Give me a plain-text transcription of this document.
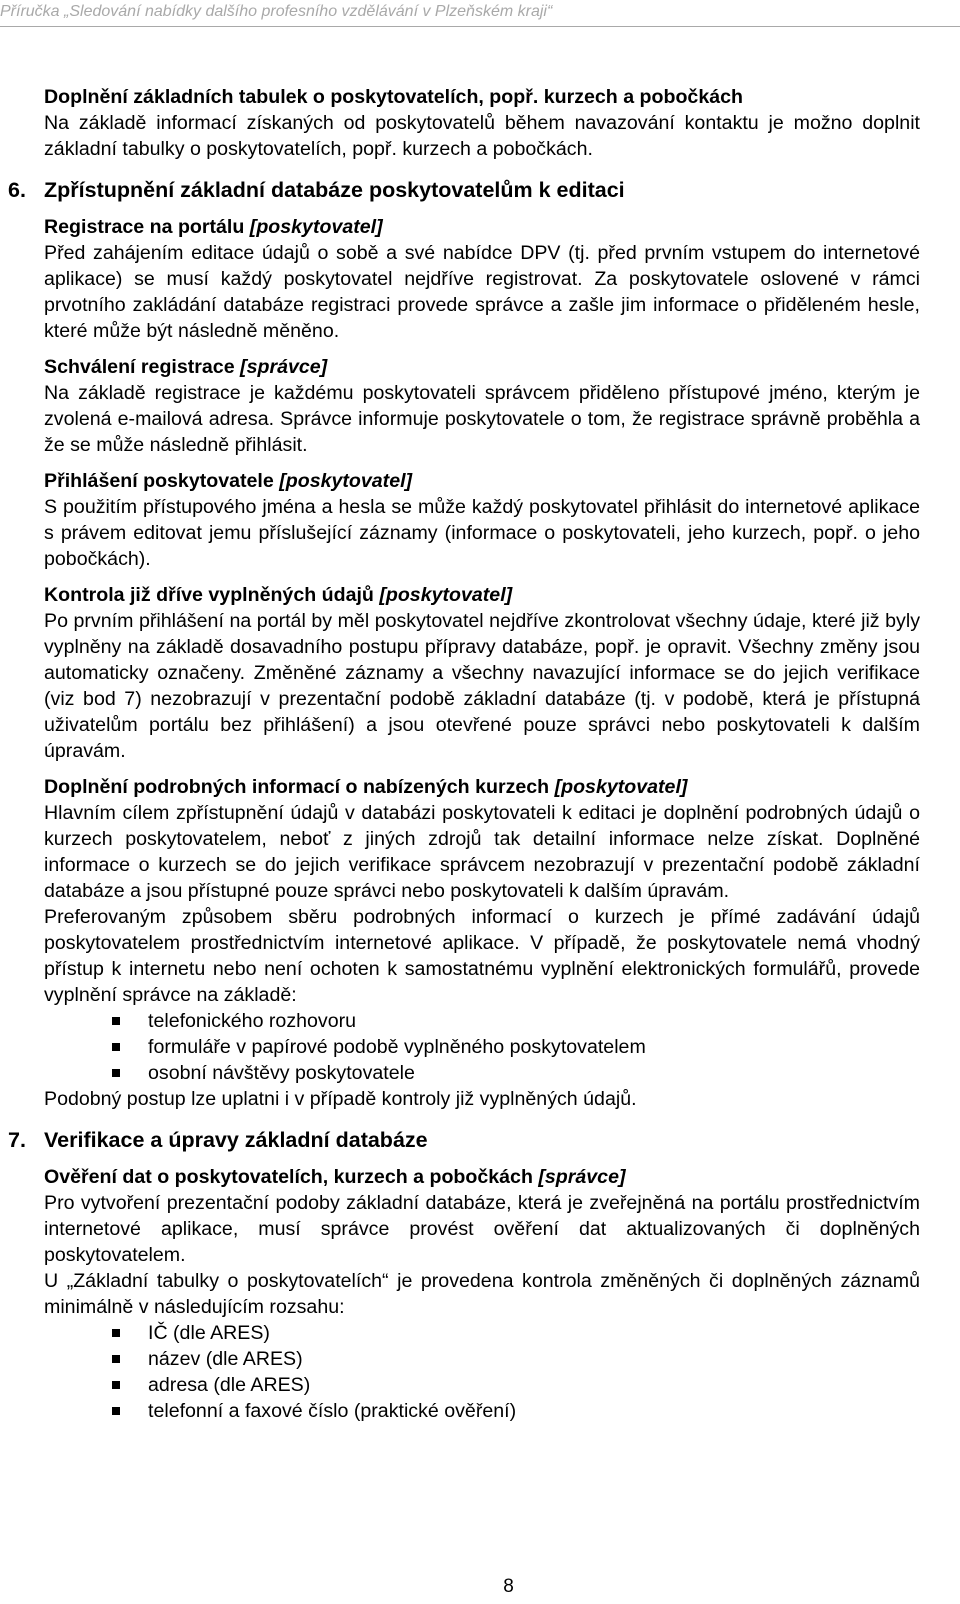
Příručka „Sledování nabídky dalšího profesního vzdělávání v Plzeňském kraji“
Doplnění základních tabulek o poskytovatelích, popř. kurzech a pobočkách
Na základě informací získaných od poskytovatelů během navazování kontaktu je možno doplnit základní tabulky o poskytovatelích, popř. kurzech a pobočkách.
6. Zpřístupnění základní databáze poskytovatelům k editaci
Registrace na portálu [poskytovatel]
Před zahájením editace údajů o sobě a své nabídce DPV (tj. před prvním vstupem do internetové aplikace) se musí každý poskytovatel nejdříve registrovat. Za poskytovatele oslovené v rámci prvotního zakládání databáze registraci provede správce a zašle jim informace o přiděleném hesle, které může být následně měněno.
Schválení registrace [správce]
Na základě registrace je každému poskytovateli správcem přiděleno přístupové jméno, kterým je zvolená e-mailová adresa. Správce informuje poskytovatele o tom, že registrace správně proběhla a že se může následně přihlásit.
Přihlášení poskytovatele [poskytovatel]
S použitím přístupového jména a hesla se může každý poskytovatel přihlásit do internetové aplikace s právem editovat jemu příslušející záznamy (informace o poskytovateli, jeho kurzech, popř. o jeho pobočkách).
Kontrola již dříve vyplněných údajů [poskytovatel]
Po prvním přihlášení na portál by měl poskytovatel nejdříve zkontrolovat všechny údaje, které již byly vyplněny na základě dosavadního postupu přípravy databáze, popř. je opravit. Všechny změny jsou automaticky označeny. Změněné záznamy a všechny navazující informace se do jejich verifikace (viz bod 7) nezobrazují v prezentační podobě základní databáze (tj. v podobě, která je přístupná uživatelům portálu bez přihlášení) a jsou otevřené pouze správci nebo poskytovateli k dalším úpravám.
Doplnění podrobných informací o nabízených kurzech [poskytovatel]
Hlavním cílem zpřístupnění údajů v databázi poskytovateli k editaci je doplnění podrobných údajů o kurzech poskytovatelem, neboť z jiných zdrojů tak detailní informace nelze získat. Doplněné informace o kurzech se do jejich verifikace správcem nezobrazují v prezentační podobě základní databáze a jsou přístupné pouze správci nebo poskytovateli k dalším úpravám.
Preferovaným způsobem sběru podrobných informací o kurzech je přímé zadávání údajů poskytovatelem prostřednictvím internetové aplikace. V případě, že poskytovatele nemá vhodný přístup k internetu nebo není ochoten k samostatnému vyplnění elektronických formulářů, provede vyplnění správce na základě:
telefonického rozhovoru
formuláře v papírové podobě vyplněného poskytovatelem
osobní návštěvy poskytovatele
Podobný postup lze uplatni i v případě kontroly již vyplněných údajů.
7. Verifikace a úpravy základní databáze
Ověření dat o poskytovatelích, kurzech a pobočkách [správce]
Pro vytvoření prezentační podoby základní databáze, která je zveřejněná na portálu prostřednictvím internetové aplikace, musí správce provést ověření dat aktualizovaných či doplněných poskytovatelem.
U „Základní tabulky o poskytovatelích“ je provedena kontrola změněných či doplněných záznamů minimálně v následujícím rozsahu:
IČ (dle ARES)
název (dle ARES)
adresa (dle ARES)
telefonní a faxové číslo (praktické ověření)
8
